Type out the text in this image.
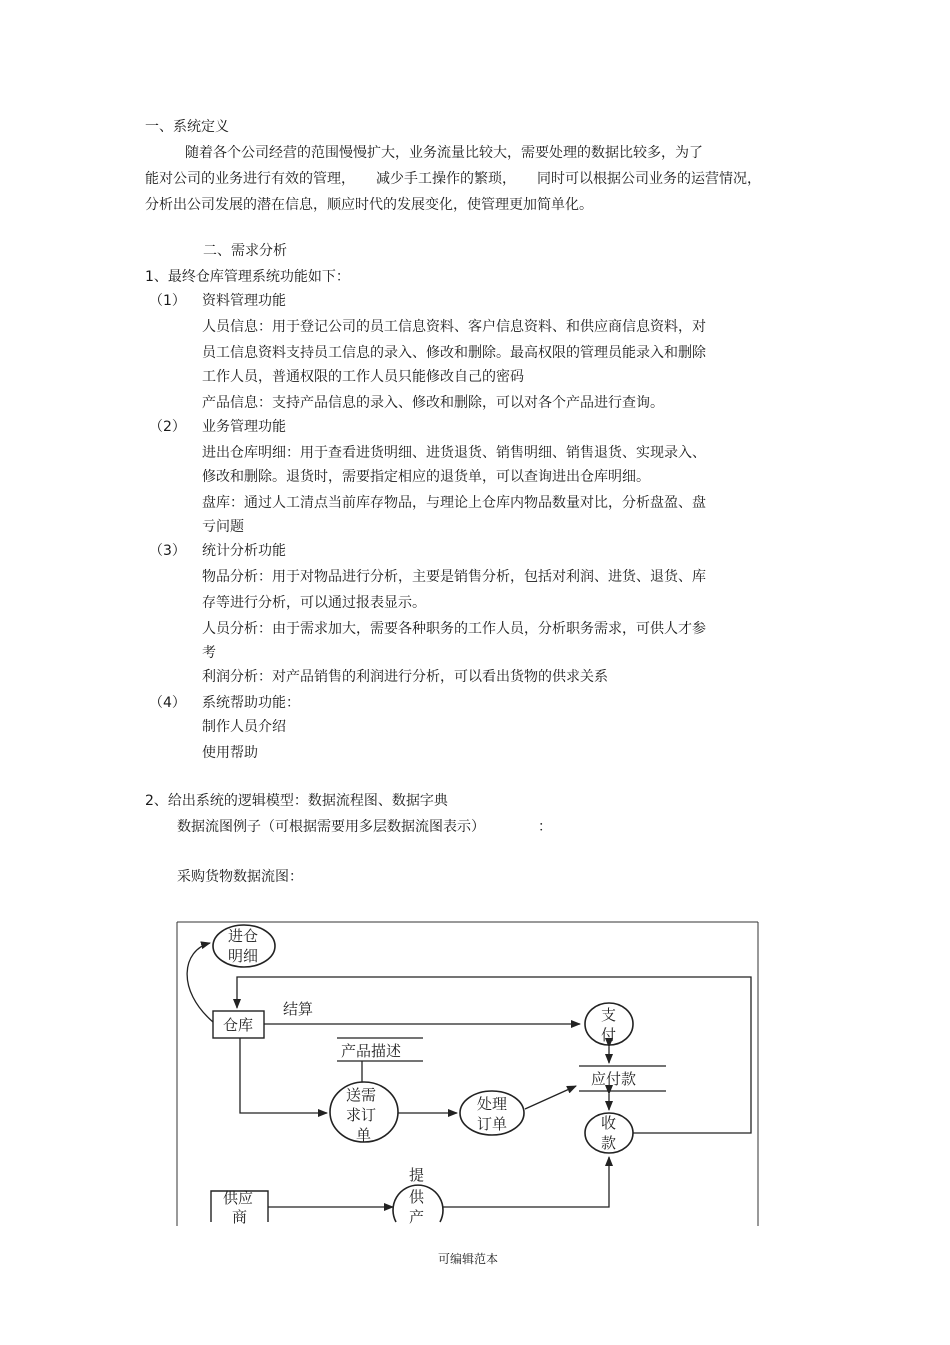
一、系统定义
随着各个公司经营的范围慢慢扩大，业务流量比较大，需要处理的数据比较多，为了
能对公司的业务进行有效的管理，　　减少手工操作的繁琐，　　同时可以根据公司业务的运营情况，
分析出公司发展的潜在信息，顺应时代的发展变化，使管理更加简单化。
二、需求分析
1、最终仓库管理系统功能如下：
（1） 资料管理功能
人员信息：用于登记公司的员工信息资料、客户信息资料、和供应商信息资料，对
员工信息资料支持员工信息的录入、修改和删除。最高权限的管理员能录入和删除
工作人员，普通权限的工作人员只能修改自己的密码
产品信息：支持产品信息的录入、修改和删除，可以对各个产品进行查询。
（2） 业务管理功能
进出仓库明细：用于查看进货明细、进货退货、销售明细、销售退货、实现录入、
修改和删除。退货时，需要指定相应的退货单，可以查询进出仓库明细。
盘库：通过人工清点当前库存物品，与理论上仓库内物品数量对比，分析盘盈、盘
亏问题
（3） 统计分析功能
物品分析：用于对物品进行分析，主要是销售分析，包括对利润、进货、退货、库
存等进行分析，可以通过报表显示。
人员分析：由于需求加大，需要各种职务的工作人员，分析职务需求，可供人才参
考
利润分析：对产品销售的利润进行分析，可以看出货物的供求关系
（4） 系统帮助功能：
制作人员介绍
使用帮助
2、给出系统的逻辑模型：数据流程图、数据字典
数据流图例子（可根据需要用多层数据流图表示）	：
采购货物数据流图：
进仓
明细
仓库
结算	支
付
产品描述
应付款
送需
求订
单
处理
订单	收
款
供应
商
提
供
产
可编辑范本
